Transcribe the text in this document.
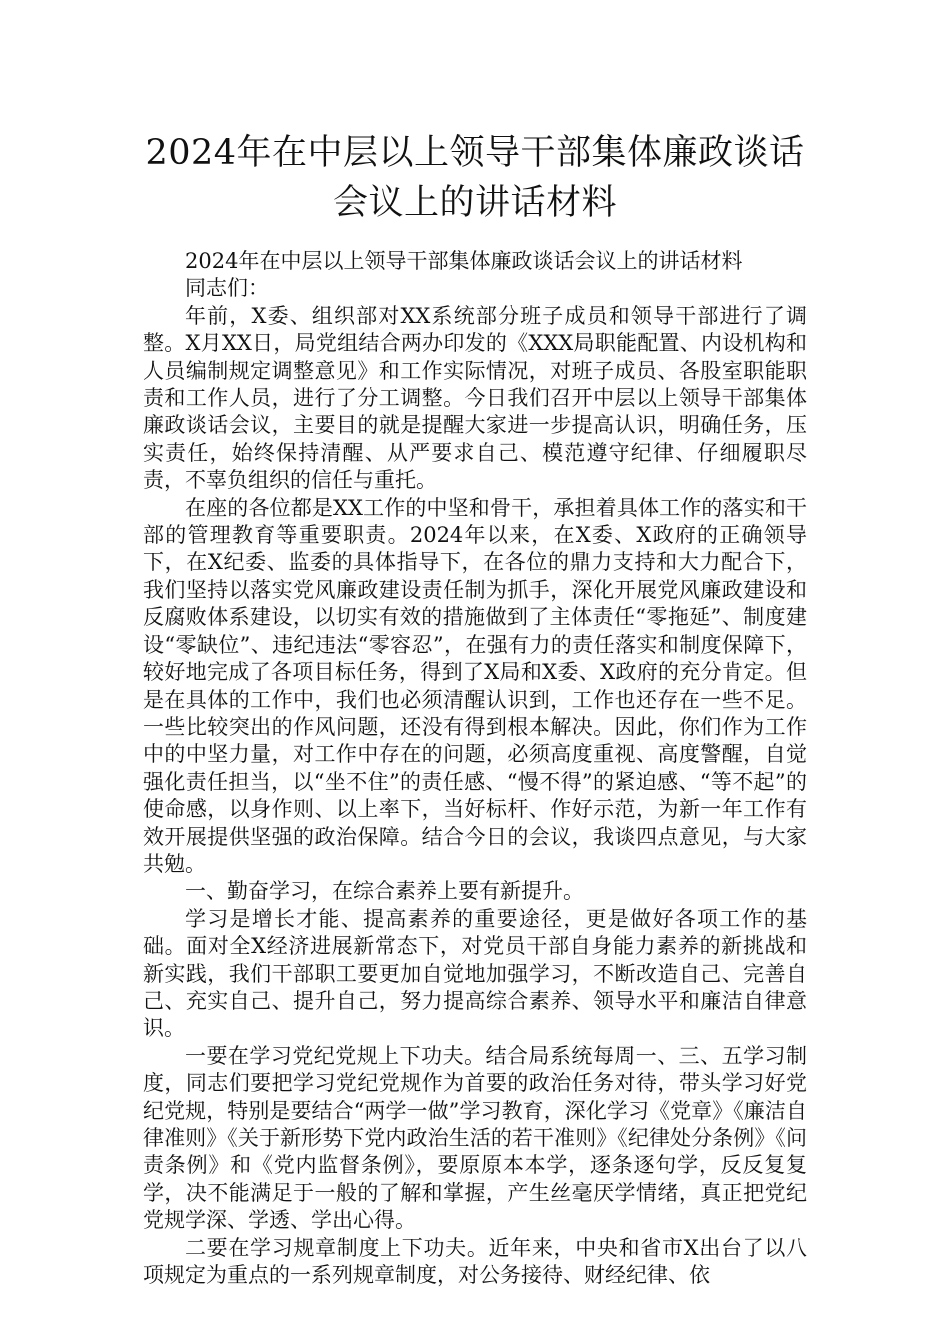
2024年在中层以上领导干部集体廉政谈话
会议上的讲话材料

2024年在中层以上领导干部集体廉政谈话会议上的讲话材料

同志们：

年前，X委、组织部对XX系统部分班子成员和领导干部进行了调整。X月XX日，局党组结合两办印发的《XXX局职能配置、内设机构和人员编制规定调整意见》和工作实际情况，对班子成员、各股室职能职责和工作人员，进行了分工调整。今日我们召开中层以上领导干部集体廉政谈话会议，主要目的就是提醒大家进一步提高认识，明确任务，压实责任，始终保持清醒、从严要求自己、模范遵守纪律、仔细履职尽责，不辜负组织的信任与重托。

在座的各位都是XX工作的中坚和骨干，承担着具体工作的落实和干部的管理教育等重要职责。2024年以来，在X委、X政府的正确领导下，在X纪委、监委的具体指导下，在各位的鼎力支持和大力配合下，我们坚持以落实党风廉政建设责任制为抓手，深化开展党风廉政建设和反腐败体系建设，以切实有效的措施做到了主体责任“零拖延”、制度建设“零缺位”、违纪违法“零容忍”，在强有力的责任落实和制度保障下，较好地完成了各项目标任务，得到了X局和X委、X政府的充分肯定。但是在具体的工作中，我们也必须清醒认识到，工作也还存在一些不足。一些比较突出的作风问题，还没有得到根本解决。因此，你们作为工作中的中坚力量，对工作中存在的问题，必须高度重视、高度警醒，自觉强化责任担当，以“坐不住”的责任感、“慢不得”的紧迫感、“等不起”的使命感，以身作则、以上率下，当好标杆、作好示范，为新一年工作有效开展提供坚强的政治保障。结合今日的会议，我谈四点意见，与大家共勉。

一、勤奋学习，在综合素养上要有新提升。

学习是增长才能、提高素养的重要途径，更是做好各项工作的基础。面对全X经济进展新常态下，对党员干部自身能力素养的新挑战和新实践，我们干部职工要更加自觉地加强学习，不断改造自己、完善自己、充实自己、提升自己，努力提高综合素养、领导水平和廉洁自律意识。

一要在学习党纪党规上下功夫。结合局系统每周一、三、五学习制度，同志们要把学习党纪党规作为首要的政治任务对待，带头学习好党纪党规，特别是要结合“两学一做”学习教育，深化学习《党章》《廉洁自律准则》《关于新形势下党内政治生活的若干准则》《纪律处分条例》《问责条例》和《党内监督条例》，要原原本本学，逐条逐句学，反反复复学，决不能满足于一般的了解和掌握，产生丝毫厌学情绪，真正把党纪党规学深、学透、学出心得。

二要在学习规章制度上下功夫。近年来，中央和省市X出台了以八项规定为重点的一系列规章制度，对公务接待、财经纪律、依
